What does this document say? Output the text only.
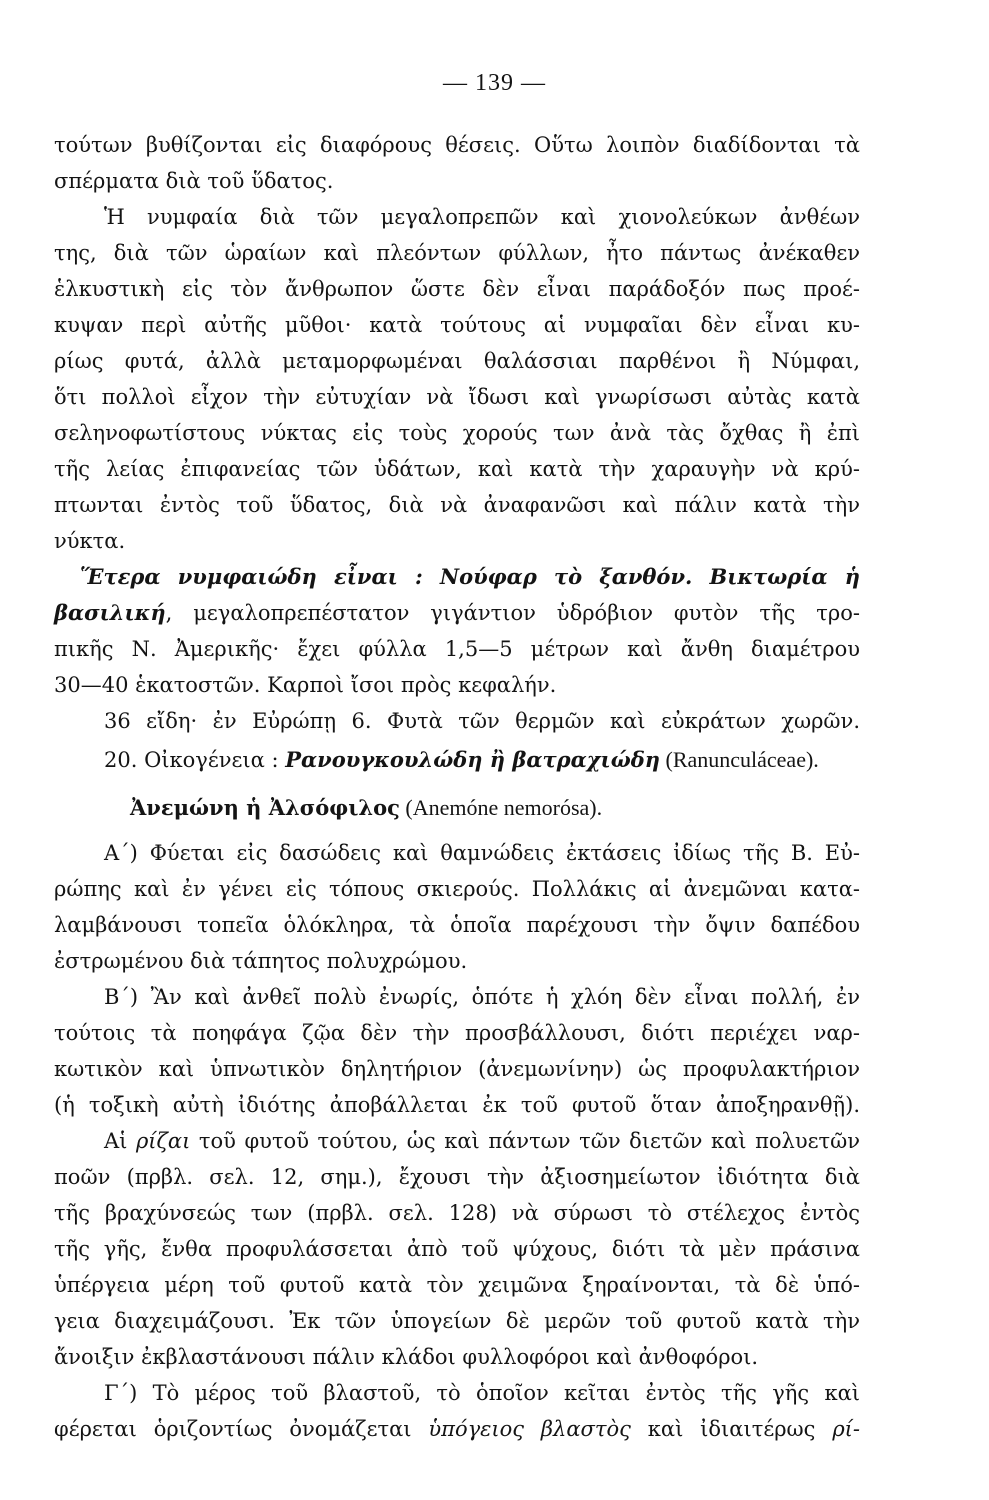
— 139 —
τούτων βυθίζονται εἰς διαφόρους θέσεις. Οὕτω λοιπὸν διαδίδονται τὰ
σπέρματα διὰ τοῦ ὕδατος.
Ἡ νυμφαία διὰ τῶν μεγαλοπρεπῶν καὶ χιονολεύκων ἀνθέων
της, διὰ τῶν ὡραίων καὶ πλεόντων φύλλων, ἦτο πάντως ἀνέκαθεν
ἑλκυστικὴ εἰς τὸν ἄνθρωπον ὥστε δὲν εἶναι παράδοξόν πως προέ-
κυψαν περὶ αὐτῆς μῦθοι· κατὰ τούτους αἱ νυμφαῖαι δὲν εἶναι κυ-
ρίως φυτά, ἀλλὰ μεταμορφωμέναι θαλάσσιαι παρθένοι ἢ Νύμφαι,
ὅτι πολλοὶ εἶχον τὴν εὐτυχίαν νὰ ἴδωσι καὶ γνωρίσωσι αὐτὰς κατὰ
σεληνοφωτίστους νύκτας εἰς τοὺς χορούς των ἀνὰ τὰς ὄχθας ἢ ἐπὶ
τῆς λείας ἐπιφανείας τῶν ὑδάτων, καὶ κατὰ τὴν χαραυγὴν νὰ κρύ-
πτωνται ἐντὸς τοῦ ὕδατος, διὰ νὰ ἀναφανῶσι καὶ πάλιν κατὰ τὴν
νύκτα.
Ἕτερα νυμφαιώδη εἶναι : Νούφαρ τὸ ξανθόν. Βικτωρία ἡ
βασιλική, μεγαλοπρεπέστατον γιγάντιον ὑδρόβιον φυτὸν τῆς τρο-
πικῆς Ν. Ἀμερικῆς· ἔχει φύλλα 1,5—5 μέτρων καὶ ἄνθη διαμέτρου
30—40 ἑκατοστῶν. Καρποὶ ἴσοι πρὸς κεφαλήν.
36 εἴδη· ἐν Εὐρώπῃ 6. Φυτὰ τῶν θερμῶν καὶ εὐκράτων χωρῶν.
20. Οἰκογένεια : Ρανουγκουλώδη ἢ βατραχιώδη (Ranunculáceae).
Ἀνεμώνη ἡ Ἀλσόφιλος (Anemóne nemorósa).
Α΄) Φύεται εἰς δασώδεις καὶ θαμνώδεις ἐκτάσεις ἰδίως τῆς Β. Εὐ-
ρώπης καὶ ἐν γένει εἰς τόπους σκιερούς. Πολλάκις αἱ ἀνεμῶναι κατα-
λαμβάνουσι τοπεῖα ὁλόκληρα, τὰ ὁποῖα παρέχουσι τὴν ὄψιν δαπέδου
ἐστρωμένου διὰ τάπητος πολυχρώμου.
Β΄) Ἂν καὶ ἀνθεῖ πολὺ ἐνωρίς, ὁπότε ἡ χλόη δὲν εἶναι πολλή, ἐν
τούτοις τὰ ποηφάγα ζῷα δὲν τὴν προσβάλλουσι, διότι περιέχει ναρ-
κωτικὸν καὶ ὑπνωτικὸν δηλητήριον (ἀνεμωνίνην) ὡς προφυλακτήριον
(ἡ τοξικὴ αὐτὴ ἰδιότης ἀποβάλλεται ἐκ τοῦ φυτοῦ ὅταν ἀποξηρανθῇ).
Αἱ ρίζαι τοῦ φυτοῦ τούτου, ὡς καὶ πάντων τῶν διετῶν καὶ πολυετῶν
ποῶν (πρβλ. σελ. 12, σημ.), ἔχουσι τὴν ἀξιοσημείωτον ἰδιότητα διὰ
τῆς βραχύνσεώς των (πρβλ. σελ. 128) νὰ σύρωσι τὸ στέλεχος ἐντὸς
τῆς γῆς, ἔνθα προφυλάσσεται ἀπὸ τοῦ ψύχους, διότι τὰ μὲν πράσινα
ὑπέργεια μέρη τοῦ φυτοῦ κατὰ τὸν χειμῶνα ξηραίνονται, τὰ δὲ ὑπό-
γεια διαχειμάζουσι. Ἐκ τῶν ὑπογείων δὲ μερῶν τοῦ φυτοῦ κατὰ τὴν
ἄνοιξιν ἐκβλαστάνουσι πάλιν κλάδοι φυλλοφόροι καὶ ἀνθοφόροι.
Γ΄) Τὸ μέρος τοῦ βλαστοῦ, τὸ ὁποῖον κεῖται ἐντὸς τῆς γῆς καὶ
φέρεται ὁριζοντίως ὀνομάζεται ὑπόγειος βλαστὸς καὶ ἰδιαιτέρως ρί-
